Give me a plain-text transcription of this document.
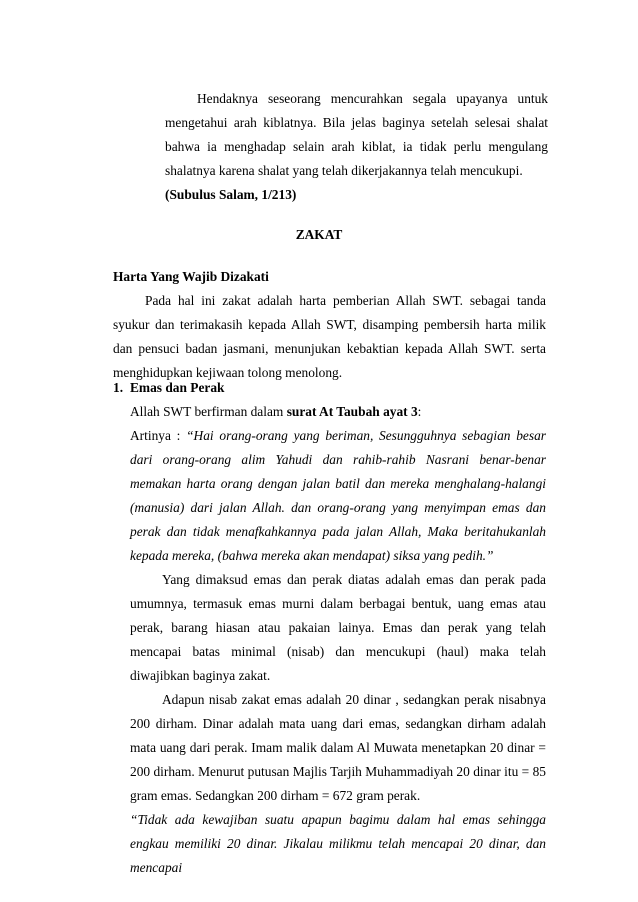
Hendaknya seseorang mencurahkan segala upayanya untuk mengetahui arah kiblatnya. Bila jelas baginya setelah selesai shalat bahwa ia menghadap selain arah kiblat, ia tidak perlu mengulang shalatnya karena shalat yang telah dikerjakannya telah mencukupi.
(Subulus Salam, 1/213)

ZAKAT
Harta Yang Wajib Dizakati

Pada hal ini zakat adalah harta pemberian Allah SWT. sebagai tanda syukur dan terimakasih kepada Allah SWT, disamping pembersih harta milik dan pensuci badan jasmani, menunjukan kebaktian kepada Allah SWT. serta menghidupkan kejiwaan tolong menolong.

1. Emas dan Perak
Allah SWT berfirman dalam surat At Taubah ayat 3:
Artinya : “Hai orang-orang yang beriman, Sesungguhnya sebagian besar dari orang-orang alim Yahudi dan rahib-rahib Nasrani benar-benar memakan harta orang dengan jalan batil dan mereka menghalang-halangi (manusia) dari jalan Allah. dan orang-orang yang menyimpan emas dan perak dan tidak menafkahkannya pada jalan Allah, Maka beritahukanlah kepada mereka, (bahwa mereka akan mendapat) siksa yang pedih.”
Yang dimaksud emas dan perak diatas adalah emas dan perak pada umumnya, termasuk emas murni dalam berbagai bentuk, uang emas atau perak, barang hiasan atau pakaian lainya. Emas dan perak yang telah mencapai batas minimal (nisab) dan mencukupi (haul) maka telah diwajibkan baginya zakat.
Adapun nisab zakat emas adalah 20 dinar , sedangkan perak nisabnya 200 dirham. Dinar adalah mata uang dari emas, sedangkan dirham adalah mata uang dari perak. Imam malik dalam Al Muwata menetapkan 20 dinar = 200 dirham. Menurut putusan Majlis Tarjih Muhammadiyah 20 dinar itu = 85 gram emas. Sedangkan 200 dirham = 672 gram perak.
“Tidak ada kewajiban suatu apapun bagimu dalam hal emas sehingga engkau memiliki 20 dinar. Jikalau milikmu telah mencapai 20 dinar, dan mencapai
